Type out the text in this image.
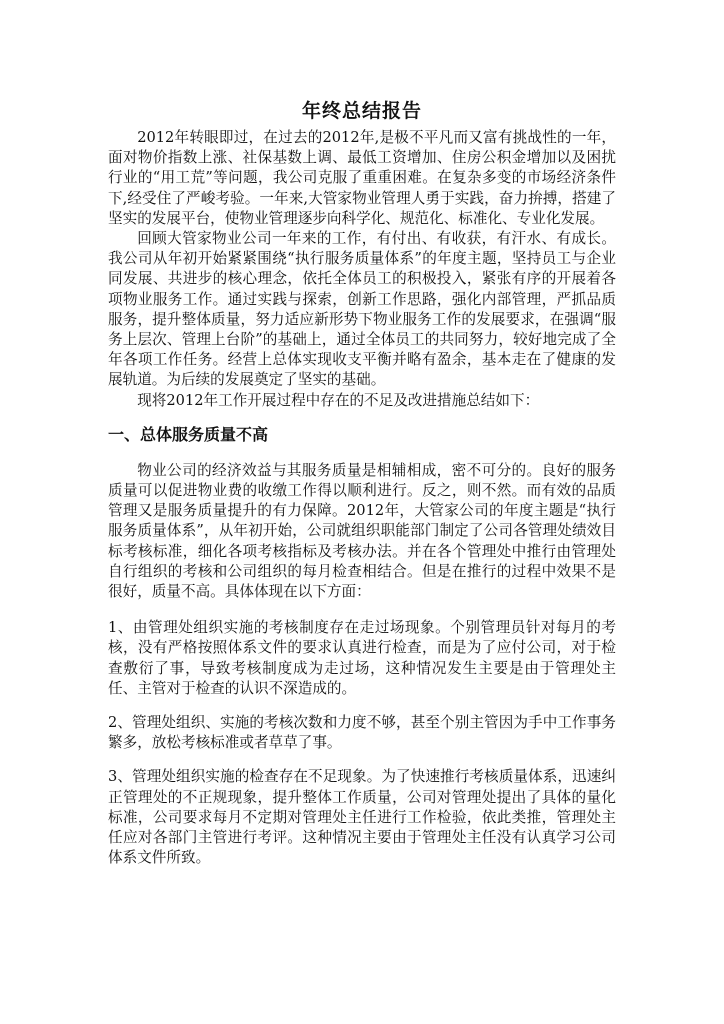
年终总结报告

2012年转眼即过，在过去的2012年,是极不平凡而又富有挑战性的一年，面对物价指数上涨、社保基数上调、最低工资增加、住房公积金增加以及困扰行业的“用工荒”等问题，我公司克服了重重困难。在复杂多变的市场经济条件下,经受住了严峻考验。一年来,大管家物业管理人勇于实践，奋力拚搏，搭建了坚实的发展平台，使物业管理逐步向科学化、规范化、标准化、专业化发展。

回顾大管家物业公司一年来的工作，有付出、有收获，有汗水、有成长。我公司从年初开始紧紧围绕“执行服务质量体系”的年度主题，坚持员工与企业同发展、共进步的核心理念，依托全体员工的积极投入，紧张有序的开展着各项物业服务工作。通过实践与探索，创新工作思路，强化内部管理，严抓品质服务，提升整体质量，努力适应新形势下物业服务工作的发展要求，在强调“服务上层次、管理上台阶”的基础上，通过全体员工的共同努力，较好地完成了全年各项工作任务。经营上总体实现收支平衡并略有盈余，基本走在了健康的发展轨道。为后续的发展奠定了坚实的基础。

现将2012年工作开展过程中存在的不足及改进措施总结如下：

一、总体服务质量不高

物业公司的经济效益与其服务质量是相辅相成，密不可分的。良好的服务质量可以促进物业费的收缴工作得以顺利进行。反之，则不然。而有效的品质管理又是服务质量提升的有力保障。2012年，大管家公司的年度主题是“执行服务质量体系”，从年初开始，公司就组织职能部门制定了公司各管理处绩效目标考核标准，细化各项考核指标及考核办法。并在各个管理处中推行由管理处自行组织的考核和公司组织的每月检查相结合。但是在推行的过程中效果不是很好，质量不高。具体体现在以下方面：

1、由管理处组织实施的考核制度存在走过场现象。个别管理员针对每月的考核，没有严格按照体系文件的要求认真进行检查，而是为了应付公司，对于检查敷衍了事，导致考核制度成为走过场，这种情况发生主要是由于管理处主任、主管对于检查的认识不深造成的。

2、管理处组织、实施的考核次数和力度不够，甚至个别主管因为手中工作事务繁多，放松考核标准或者草草了事。

3、管理处组织实施的检查存在不足现象。为了快速推行考核质量体系，迅速纠正管理处的不正规现象，提升整体工作质量，公司对管理处提出了具体的量化标准，公司要求每月不定期对管理处主任进行工作检验，依此类推，管理处主任应对各部门主管进行考评。这种情况主要由于管理处主任没有认真学习公司体系文件所致。
